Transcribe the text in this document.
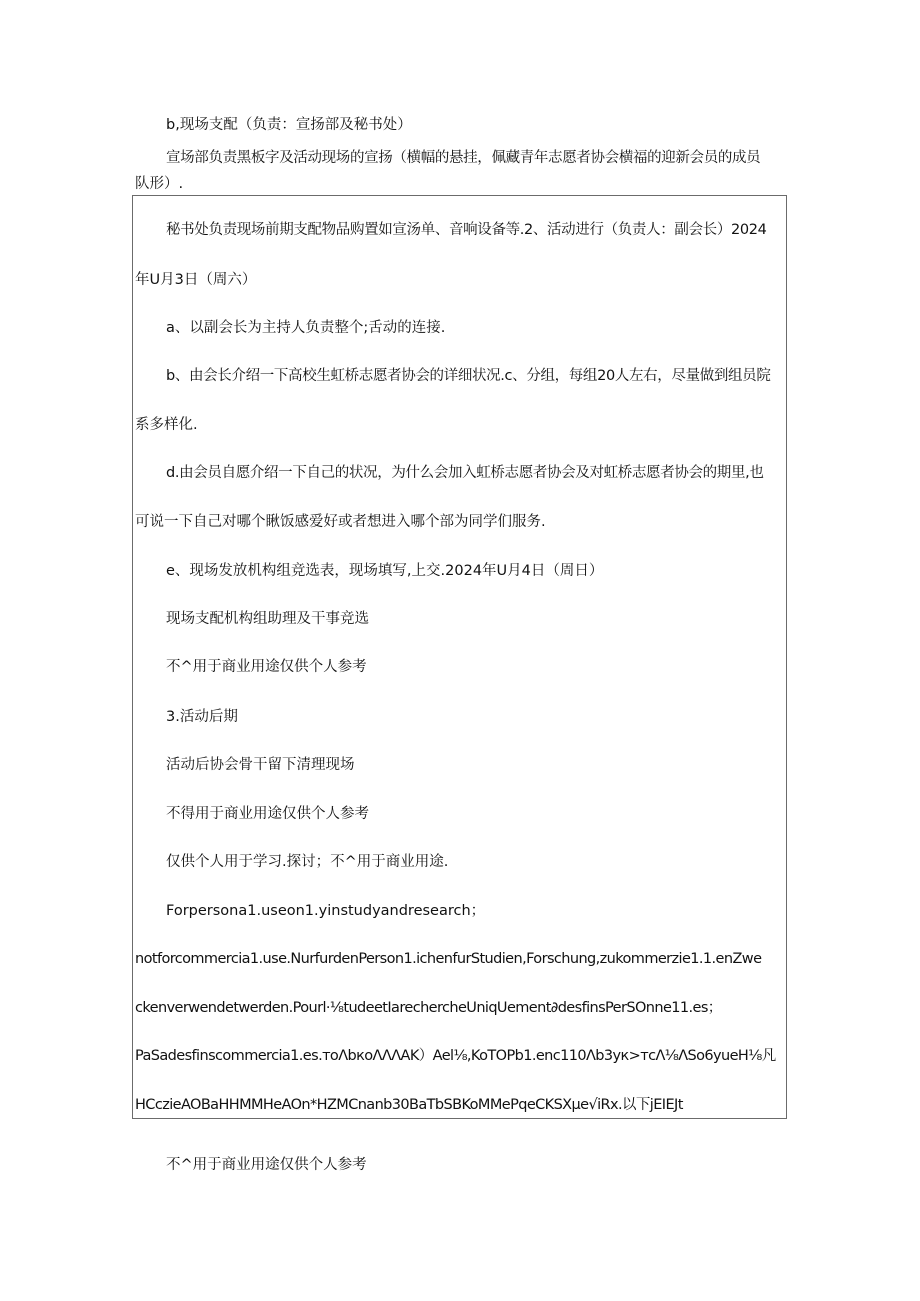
b,现场支配（负责：宣扬部及秘书处）
宣场部负责黑板字及活动现场的宣扬（横幅的悬挂，佩藏青年志愿者协会横福的迎新会员的成员
队形）.
秘书处负责现场前期支配物品购置如宣汤单、音响设备等.2、活动进行（负责人：副会长）2024
年U月3日（周六）
a、以副会长为主持人负责整个;舌动的连接.
b、由会长介绍一下高校生虹桥志愿者协会的详细状况.c、分组，每组20人左右，尽量做到组员院
系多样化.
d.由会员自愿介绍一下自己的状况，为什么会加入虹桥志愿者协会及对虹桥志愿者协会的期里,也
可说一下自己对哪个瞅饭感爱好或者想进入哪个部为同学们服务.
e、现场发放机构组竞选表，现场填写,上交.2024年U月4日（周日）
现场支配机构组助理及干事竞选
不^用于商业用途仅供个人参考
3.活动后期
活动后协会骨干留下清理现场
不得用于商业用途仅供个人参考
仅供个人用于学习.探讨；不^用于商业用途.
Forpersona1.useon1.yinstudyandresearch；
notforcommercia1.use.NurfurdenPerson1.ichenfurStudien,Forschung,zukommerzie1.1.enZwe
ckenverwendetwerden.Pourl·⅛tudeetIarechercheUniqUement∂desfinsPerSOnne11.es；
PaSadesfinscommercia1.es.тоΛbкоΛΛΛAK）Ael⅛,KoTOPb1.enc110Λb3yк>тсΛ⅛ΛSo6yueH⅛凡
HCczieAOBaHHMMHeAOn*HZMCnanb30BaTbSBKoMMePqeCKSXμe√iRx.以下jEIEJt
不^用于商业用途仅供个人参考
